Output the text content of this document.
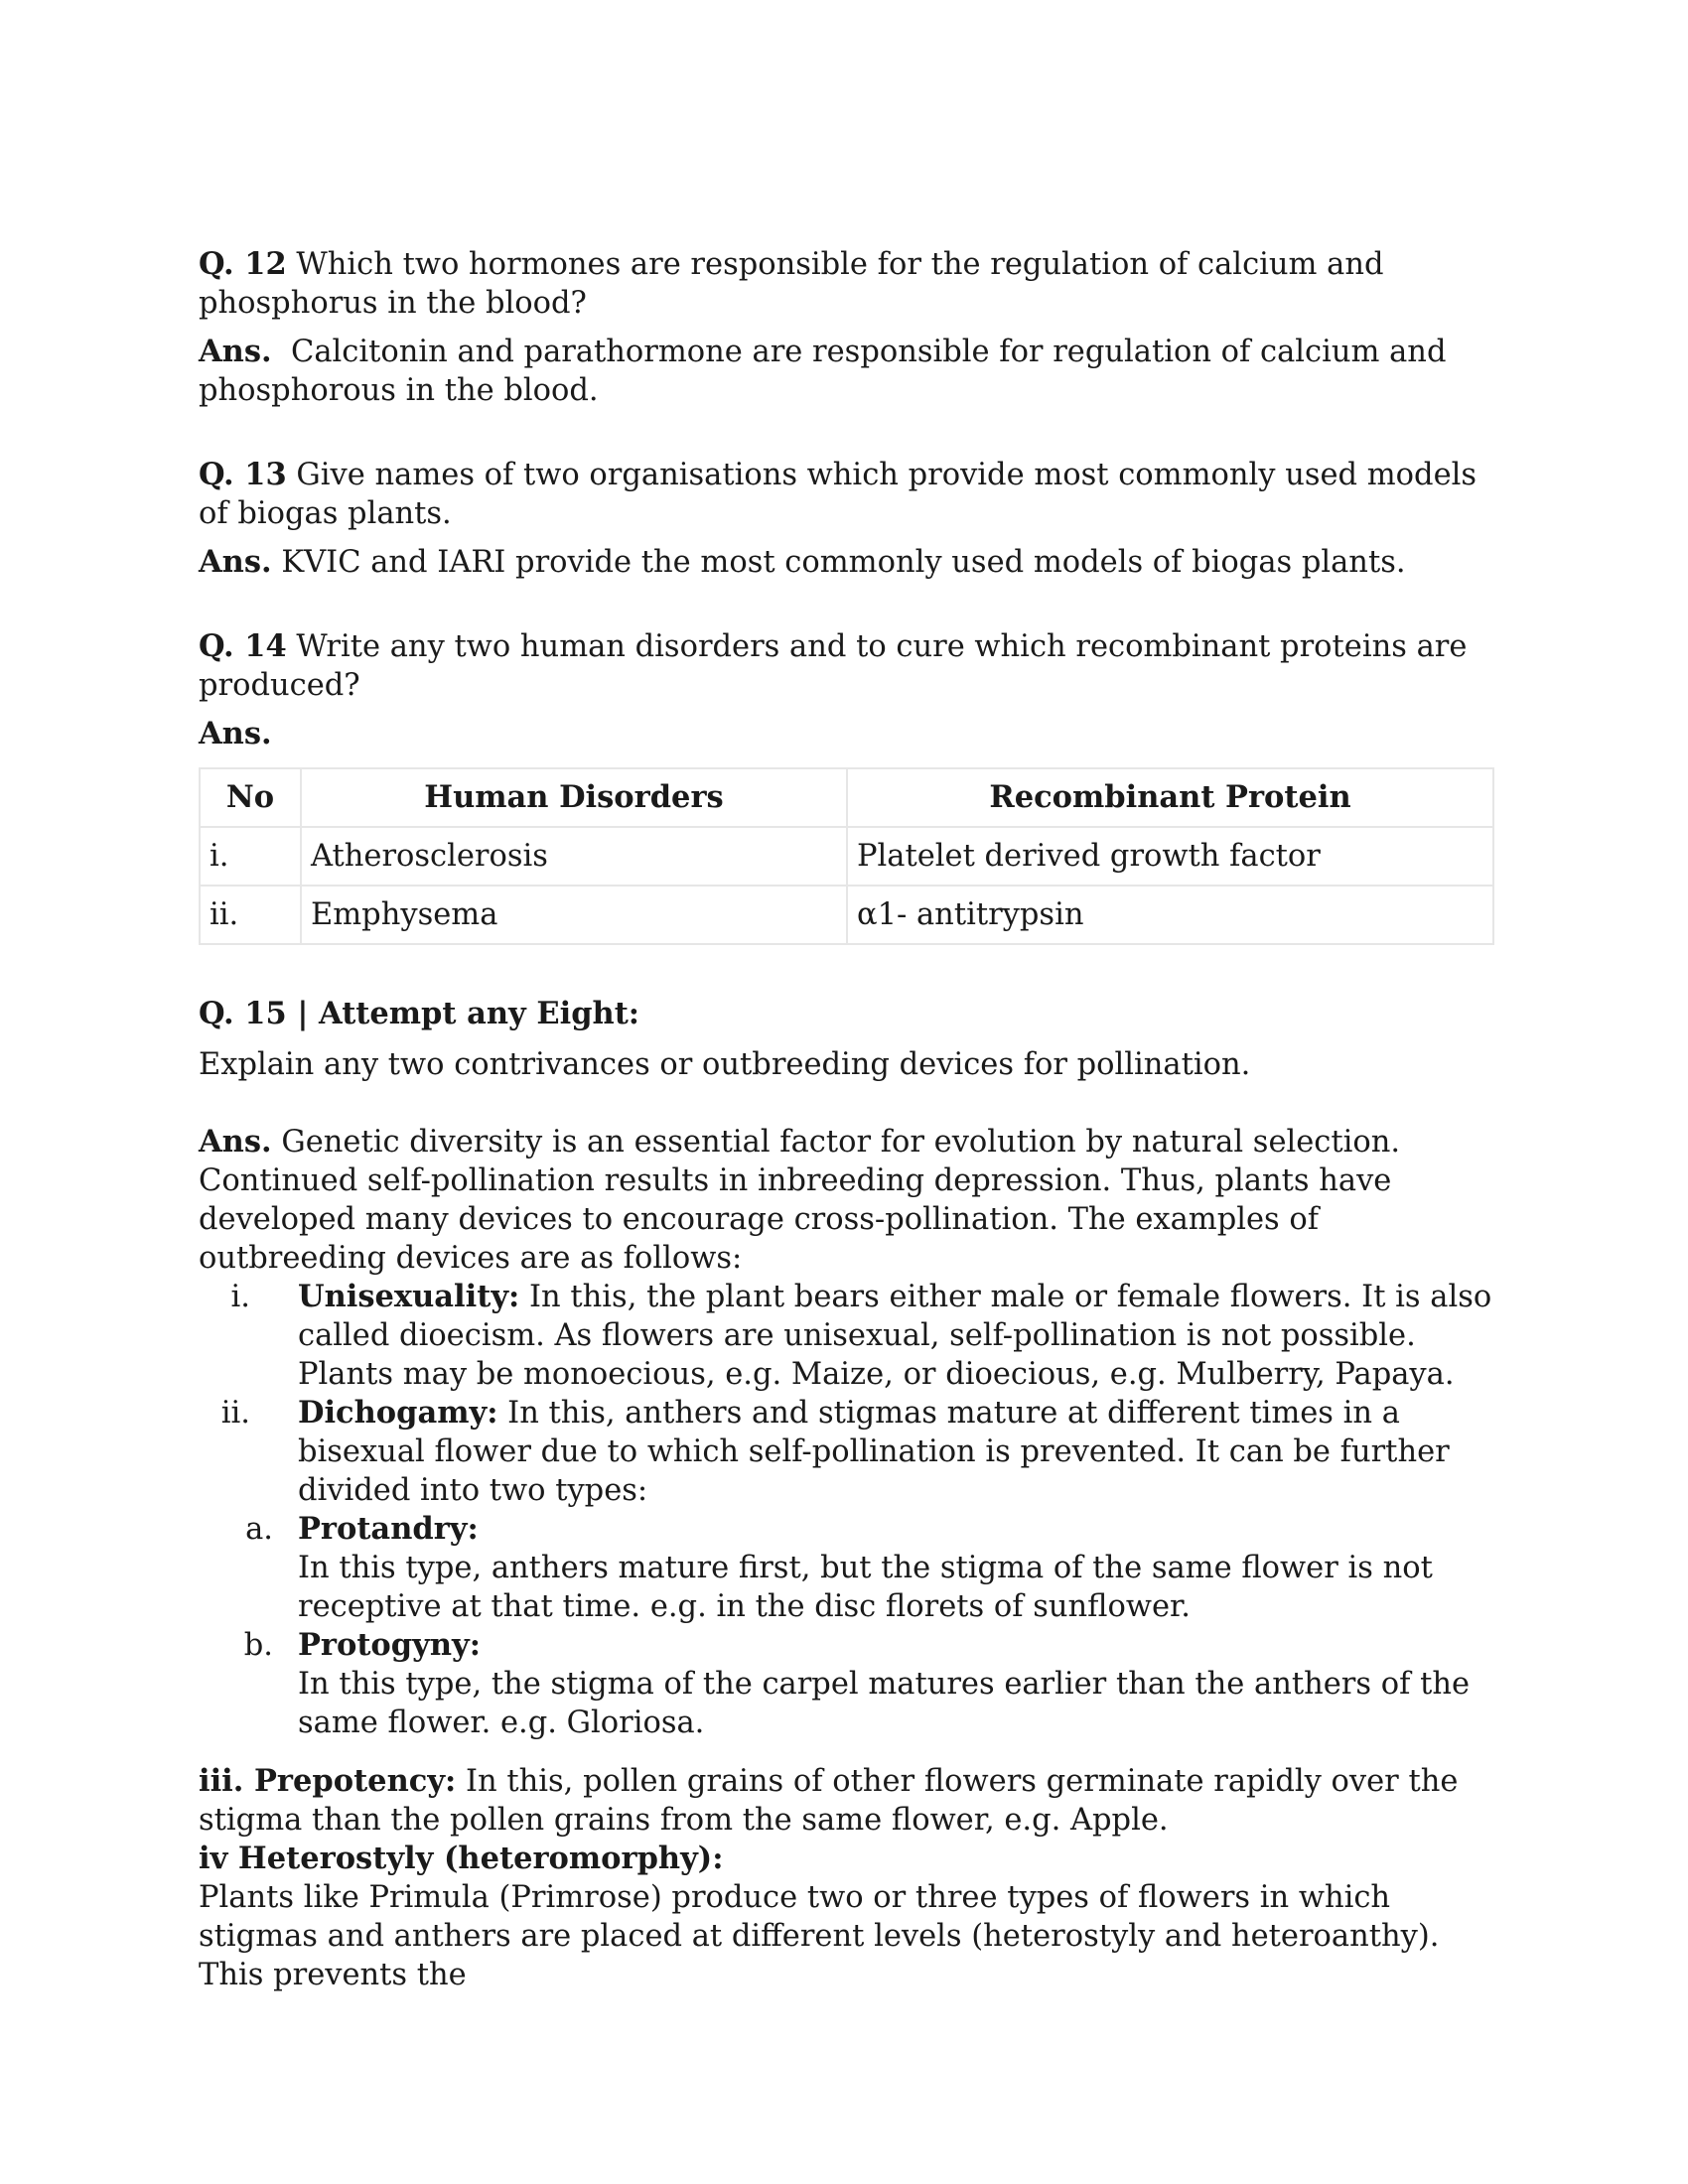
Q. 12 Which two hormones are responsible for the regulation of calcium and phosphorus in the blood?

Ans.  Calcitonin and parathormone are responsible for regulation of calcium and phosphorous in the blood.

Q. 13 Give names of two organisations which provide most commonly used models of biogas plants.

Ans. KVIC and IARI provide the most commonly used models of biogas plants.

Q. 14 Write any two human disorders and to cure which recombinant proteins are produced?

Ans.

No	Human Disorders	Recombinant Protein
i.	Atherosclerosis	Platelet derived growth factor
ii.	Emphysema	α1- antitrypsin

Q. 15 | Attempt any Eight:

Explain any two contrivances or outbreeding devices for pollination.

Ans. Genetic diversity is an essential factor for evolution by natural selection. Continued self-pollination results in inbreeding depression. Thus, plants have developed many devices to encourage cross-pollination. The examples of outbreeding devices are as follows:

i. Unisexuality: In this, the plant bears either male or female flowers. It is also called dioecism. As flowers are unisexual, self-pollination is not possible. Plants may be monoecious, e.g. Maize, or dioecious, e.g. Mulberry, Papaya.
ii. Dichogamy: In this, anthers and stigmas mature at different times in a bisexual flower due to which self-pollination is prevented. It can be further divided into two types:
a. Protandry:

In this type, anthers mature first, but the stigma of the same flower is not receptive at that time. e.g. in the disc florets of sunflower.

b. Protogyny:

In this type, the stigma of the carpel matures earlier than the anthers of the same flower. e.g. Gloriosa.

iii. Prepotency: In this, pollen grains of other flowers germinate rapidly over the stigma than the pollen grains from the same flower, e.g. Apple.

iv Heterostyly (heteromorphy):

Plants like Primula (Primrose) produce two or three types of flowers in which stigmas and anthers are placed at different levels (heterostyly and heteroanthy). This prevents the
